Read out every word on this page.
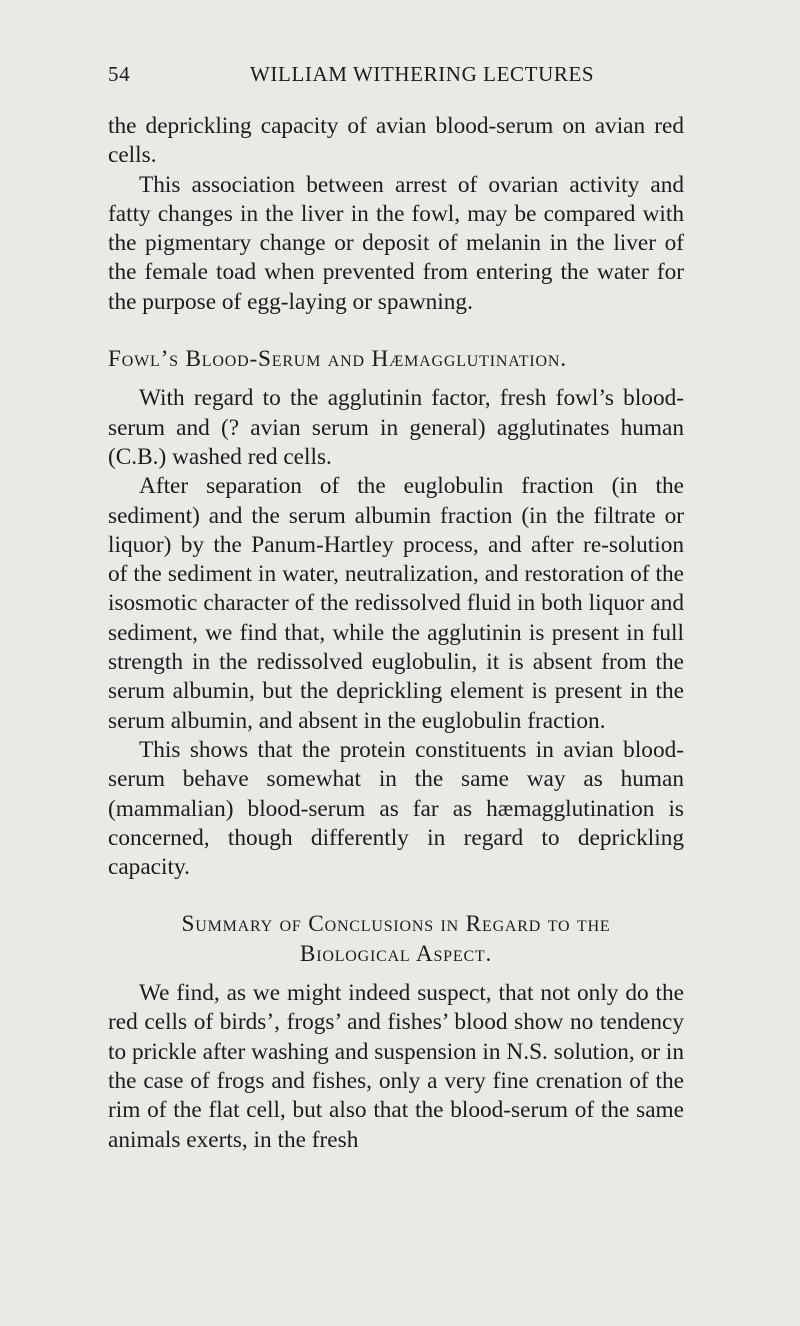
54	WILLIAM WITHERING LECTURES

the deprickling capacity of avian blood-serum on avian red cells.

This association between arrest of ovarian activity and fatty changes in the liver in the fowl, may be compared with the pigmentary change or deposit of melanin in the liver of the female toad when prevented from entering the water for the purpose of egg-laying or spawning.

Fowl’s Blood-Serum and Hæmagglutination.

With regard to the agglutinin factor, fresh fowl’s blood-serum and (? avian serum in general) agglutinates human (C.B.) washed red cells.

After separation of the euglobulin fraction (in the sediment) and the serum albumin fraction (in the filtrate or liquor) by the Panum-Hartley process, and after re-solution of the sediment in water, neutralization, and restoration of the isosmotic character of the redissolved fluid in both liquor and sediment, we find that, while the agglutinin is present in full strength in the redissolved euglobulin, it is absent from the serum albumin, but the deprickling element is present in the serum albumin, and absent in the euglobulin fraction.

This shows that the protein constituents in avian blood-serum behave somewhat in the same way as human (mammalian) blood-serum as far as hæmagglutination is concerned, though differently in regard to deprickling capacity.

Summary of Conclusions in Regard to the
Biological Aspect.

We find, as we might indeed suspect, that not only do the red cells of birds’, frogs’ and fishes’ blood show no tendency to prickle after washing and suspension in N.S. solution, or in the case of frogs and fishes, only a very fine crenation of the rim of the flat cell, but also that the blood-serum of the same animals exerts, in the fresh
